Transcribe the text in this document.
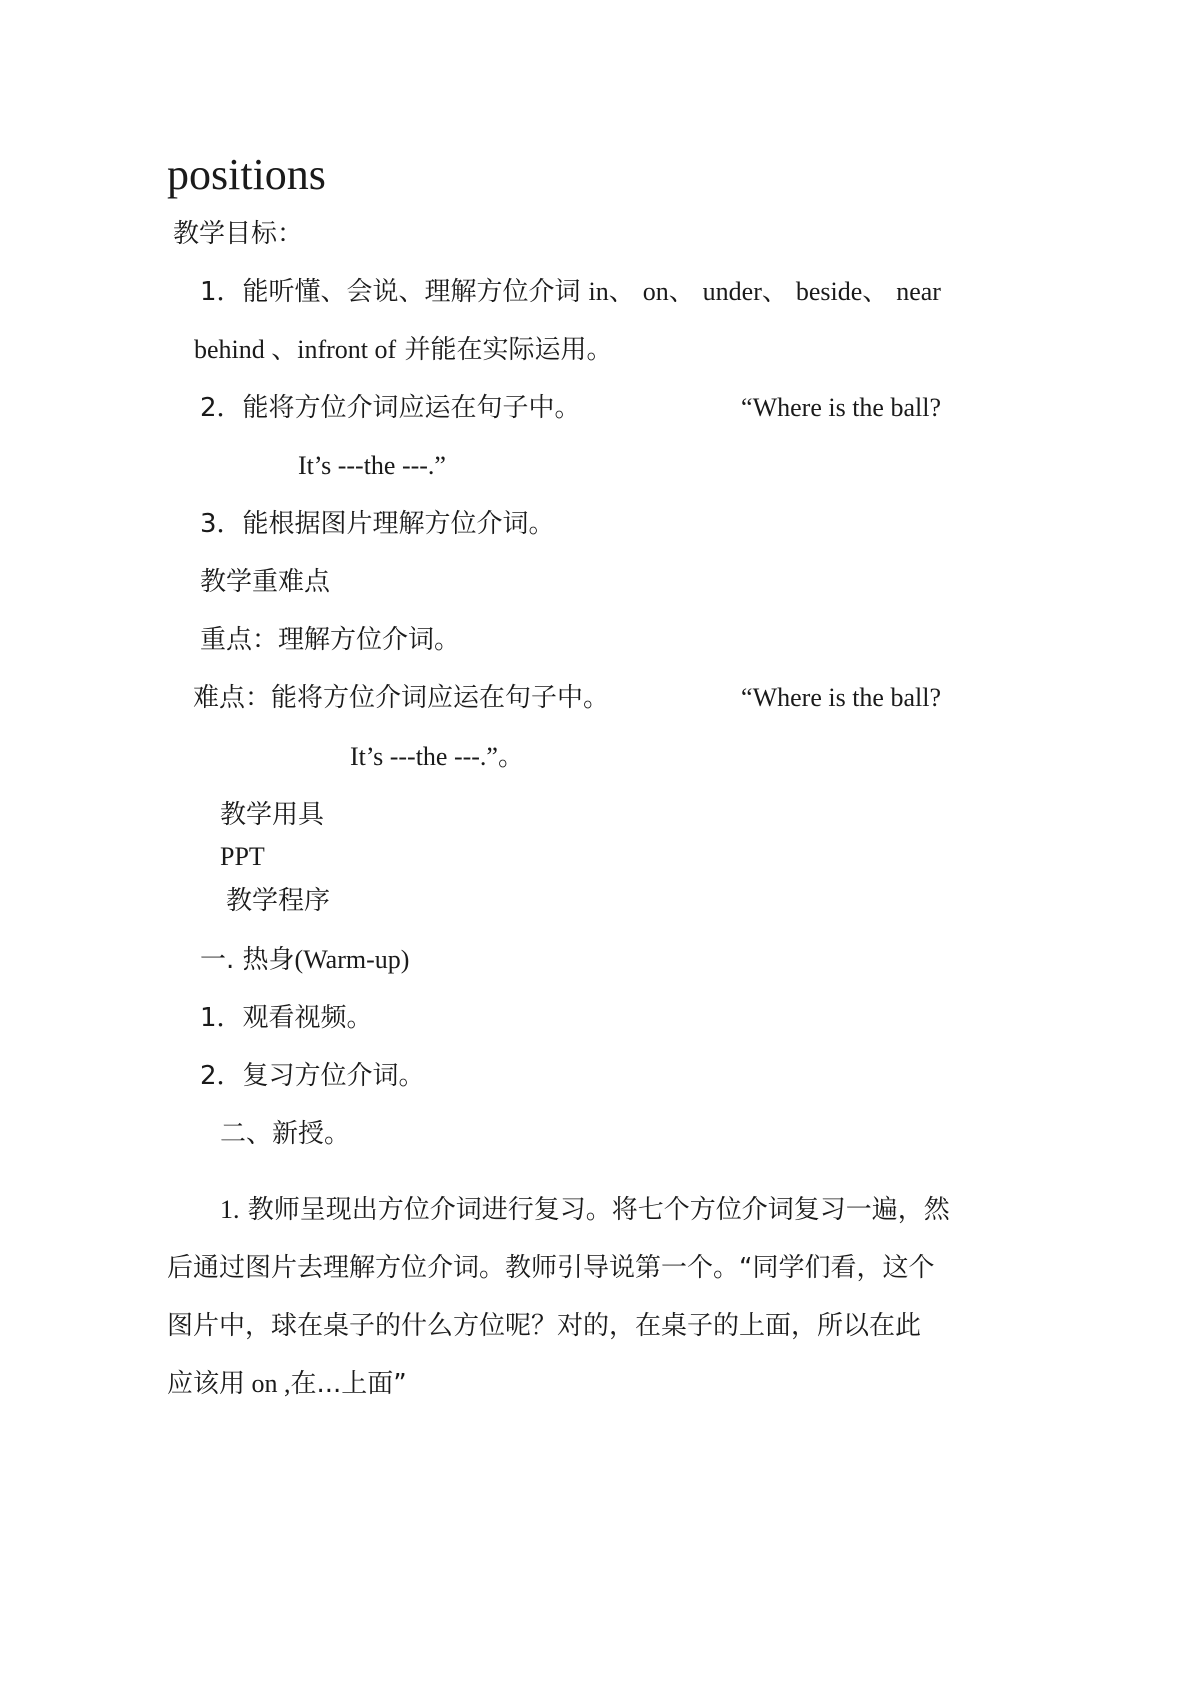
positions
教学目标：
1．能听懂、会说、理解方位介词 in、 on、 under、 beside、 near
behind 、infront of 并能在实际运用。
2．能将方位介词应运在句子中。	“Where is the ball?
It’s ---the ---.”
3．能根据图片理解方位介词。
教学重难点
重点：理解方位介词。
难点：能将方位介词应运在句子中。	“Where is the ball?
It’s ---the ---.”。
教学用具
PPT
教学程序
一. 热身(Warm-up)
1．观看视频。
2．复习方位介词。
二、新授。
1. 教师呈现出方位介词进行复习。将七个方位介词复习一遍，然
后通过图片去理解方位介词。教师引导说第一个。“同学们看，这个
图片中，球在桌子的什么方位呢？对的，在桌子的上面，所以在此
应该用 on ,在...上面”
